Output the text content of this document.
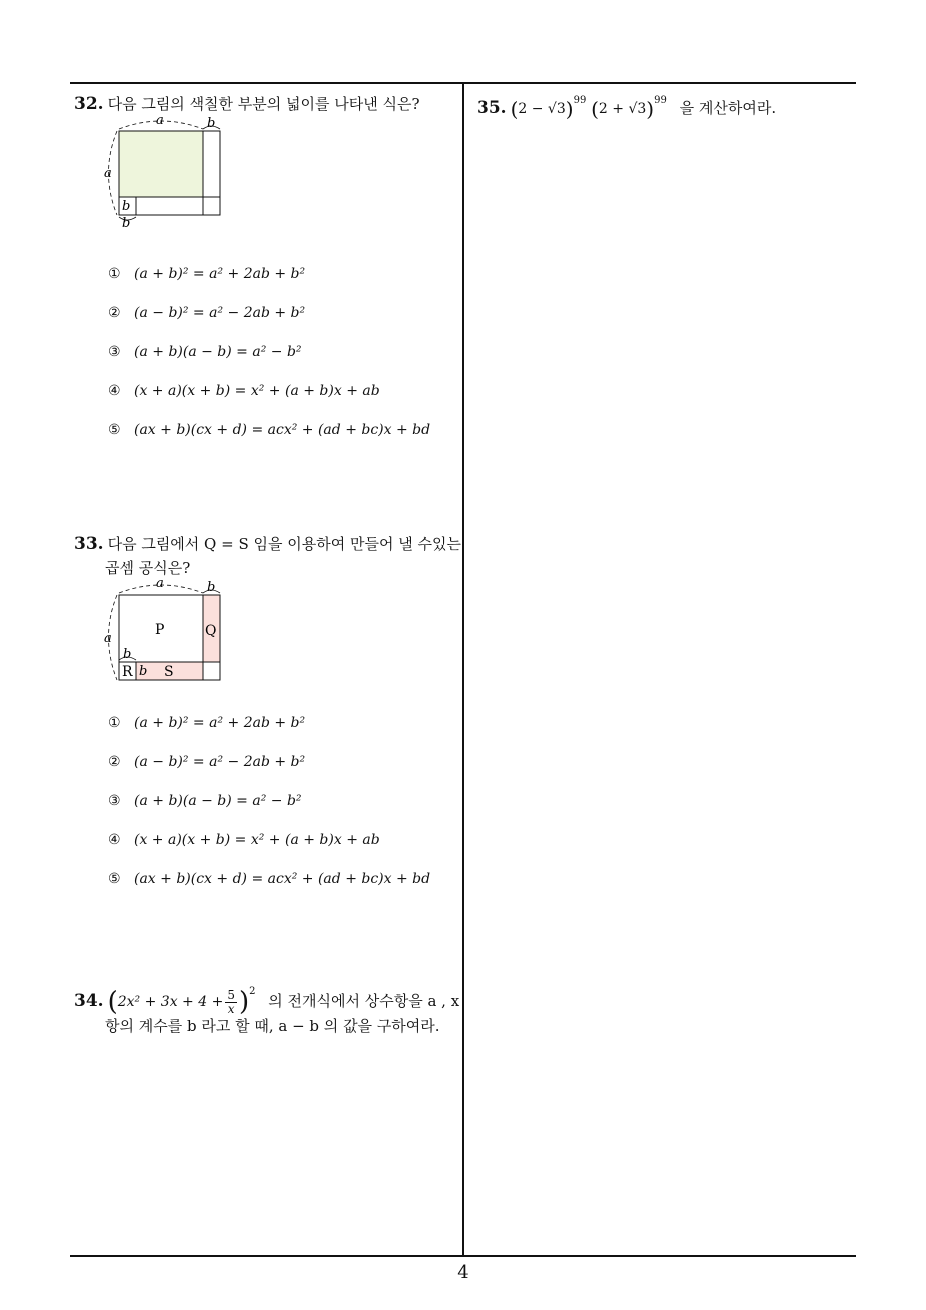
32. 다음 그림의 색칠한 부분의 넓이를 나타낸 식은?
a	b
a
b
b
① (a + b)² = a² + 2ab + b²
② (a − b)² = a² − 2ab + b²
③ (a + b)(a − b) = a² − b²
④ (x + a)(x + b) = x² + (a + b)x + ab
⑤ (ax + b)(cx + d) = acx² + (ad + bc)x + bd
33. 다음 그림에서 Q = S 임을 이용하여 만들어 낼 수있는
곱셈 공식은?
a	b
a
b
P	Q
R b S
① (a + b)² = a² + 2ab + b²
② (a − b)² = a² − 2ab + b²
③ (a + b)(a − b) = a² − b²
④ (x + a)(x + b) = x² + (a + b)x + ab
⑤ (ax + b)(cx + d) = acx² + (ad + bc)x + bd
34. $(2x^2 + 3x + 4 + \frac{5}{x} )^2$ 의 전개식에서 상수항을 a , x
항의 계수를 b 라고 할 때, a − b 의 값을 구하여라.
35. $(2 - √3)^{99}$ $(2 + √3)^{99}$ 을 계산하여라.
4
